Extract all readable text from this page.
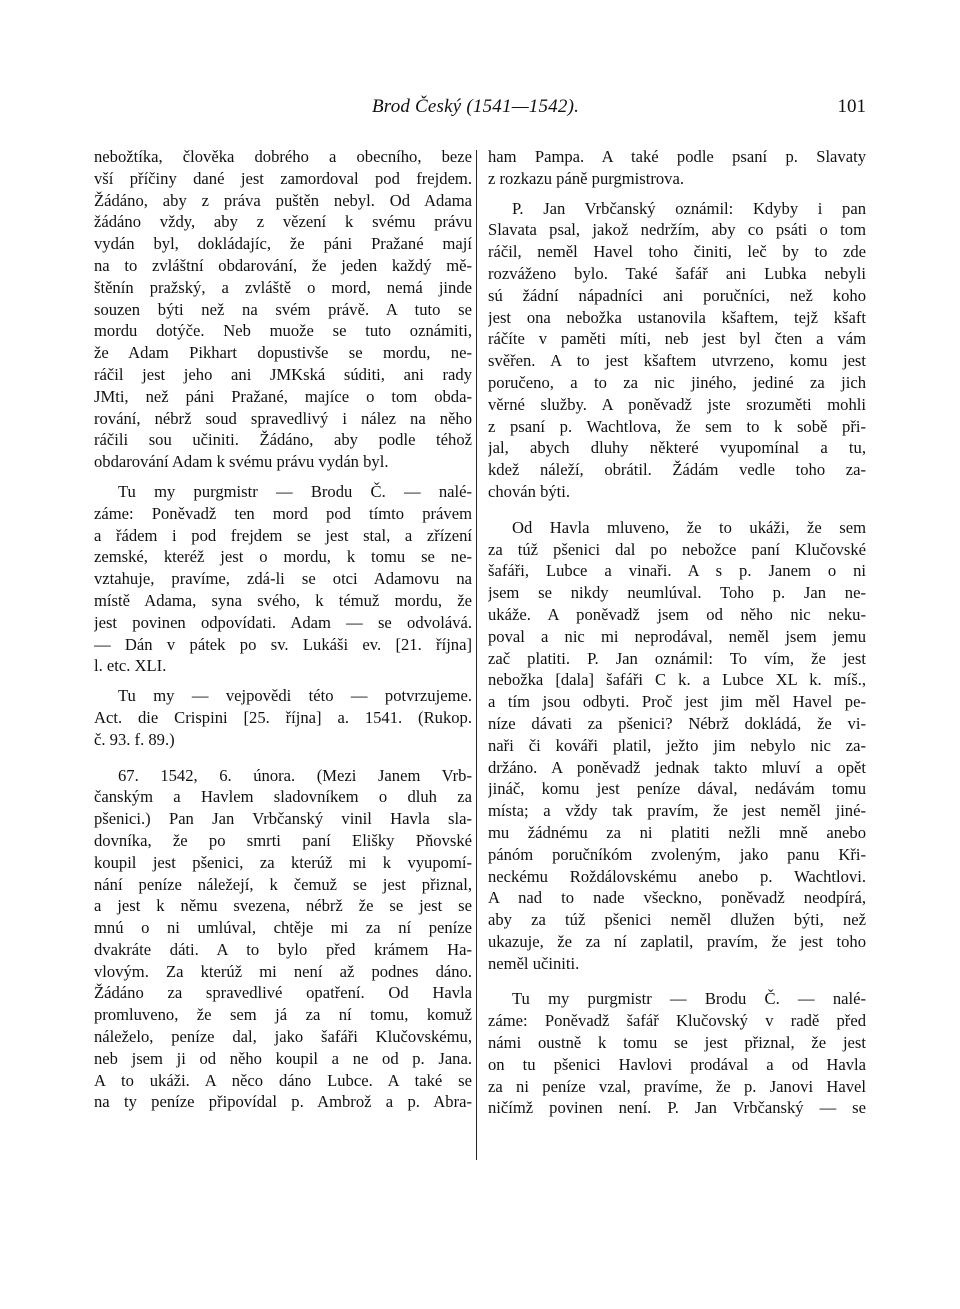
Brod Český (1541—1542).	101
nebožtíka, člověka dobrého a obecního, beze
vší příčiny dané jest zamordoval pod frejdem.
Žádáno, aby z práva puštěn nebyl. Od Adama
žádáno vždy, aby z vězení k svému právu
vydán byl, dokládajíc, že páni Pražané mají
na to zvláštní obdarování, že jeden každý mě-
štěnín pražský, a zvláště o mord, nemá jinde
souzen býti než na svém právě. A tuto se
mordu dotýče. Neb muože se tuto oznámiti,
že Adam Pikhart dopustivše se mordu, ne-
ráčil jest jeho ani JMKská súditi, ani rady
JMti, než páni Pražané, majíce o tom obda-
rování, nébrž soud spravedlivý i nález na něho
ráčili sou učiniti. Žádáno, aby podle téhož
obdarování Adam k svému právu vydán byl.
Tu my purgmistr — Brodu Č. — nalé-
záme: Poněvadž ten mord pod tímto právem
a řádem i pod frejdem se jest stal, a zřízení
zemské, kteréž jest o mordu, k tomu se ne-
vztahuje, pravíme, zdá-li se otci Adamovu na
místě Adama, syna svého, k témuž mordu, že
jest povinen odpovídati. Adam — se odvolává.
— Dán v pátek po sv. Lukáši ev. [21. října]
l. etc. XLI.
Tu my — vejpovědi této — potvrzujeme.
Act. die Crispini [25. října] a. 1541. (Rukop.
č. 93. f. 89.)
67. 1542, 6. února. (Mezi Janem Vrb-
čanským a Havlem sladovníkem o dluh za
pšenici.) Pan Jan Vrbčanský vinil Havla sla-
dovníka, že po smrti paní Elišky Pňovské
koupil jest pšenici, za kterúž mi k vyupomí-
nání peníze náležejí, k čemuž se jest přiznal,
a jest k němu svezena, nébrž že se jest se
mnú o ni umlúval, chtěje mi za ní peníze
dvakráte dáti. A to bylo před krámem Ha-
vlovým. Za kterúž mi není až podnes dáno.
Žádáno za spravedlivé opatření. Od Havla
promluveno, že sem já za ní tomu, komuž
náleželo, peníze dal, jako šafáři Klučovskému,
neb jsem ji od něho koupil a ne od p. Jana.
A to ukáži. A něco dáno Lubce. A také se
na ty peníze připovídal p. Ambrož a p. Abra-
ham Pampa. A také podle psaní p. Slavaty
z rozkazu páně purgmistrova.
P. Jan Vrbčanský oznámil: Kdyby i pan
Slavata psal, jakož nedržím, aby co psáti o tom
ráčil, neměl Havel toho činiti, leč by to zde
rozváženo bylo. Také šafář ani Lubka nebyli
sú žádní nápadníci ani poručníci, než koho
jest ona nebožka ustanovila kšaftem, tejž kšaft
ráčíte v paměti míti, neb jest byl čten a vám
svěřen. A to jest kšaftem utvrzeno, komu jest
poručeno, a to za nic jiného, jediné za jich
věrné služby. A poněvadž jste srozuměti mohli
z psaní p. Wachtlova, že sem to k sobě při-
jal, abych dluhy některé vyupomínal a tu,
kdež náleží, obrátil. Žádám vedle toho za-
chován býti.
Od Havla mluveno, že to ukáži, že sem
za túž pšenici dal po nebožce paní Klučovské
šafáři, Lubce a vinaři. A s p. Janem o ni
jsem se nikdy neumlúval. Toho p. Jan ne-
ukáže. A poněvadž jsem od něho nic neku-
poval a nic mi neprodával, neměl jsem jemu
zač platiti. P. Jan oznámil: To vím, že jest
nebožka [dala] šafáři C k. a Lubce XL k. míš.,
a tím jsou odbyti. Proč jest jim měl Havel pe-
níze dávati za pšenici? Nébrž dokládá, že vi-
naři či kováři platil, ježto jim nebylo nic za-
držáno. A poněvadž jednak takto mluví a opět
jináč, komu jest peníze dával, nedávám tomu
místa; a vždy tak pravím, že jest neměl jiné-
mu žádnému za ni platiti nežli mně anebo
pánóm poručníkóm zvoleným, jako panu Kři-
neckému Roždálovskému anebo p. Wachtlovi.
A nad to nade všeckno, poněvadž neodpírá,
aby za túž pšenici neměl dlužen býti, než
ukazuje, že za ní zaplatil, pravím, že jest toho
neměl učiniti.
Tu my purgmistr — Brodu Č. — nalé-
záme: Poněvadž šafář Klučovský v radě před
námi oustně k tomu se jest přiznal, že jest
on tu pšenici Havlovi prodával a od Havla
za ni peníze vzal, pravíme, že p. Janovi Havel
ničímž povinen není. P. Jan Vrbčanský — se
